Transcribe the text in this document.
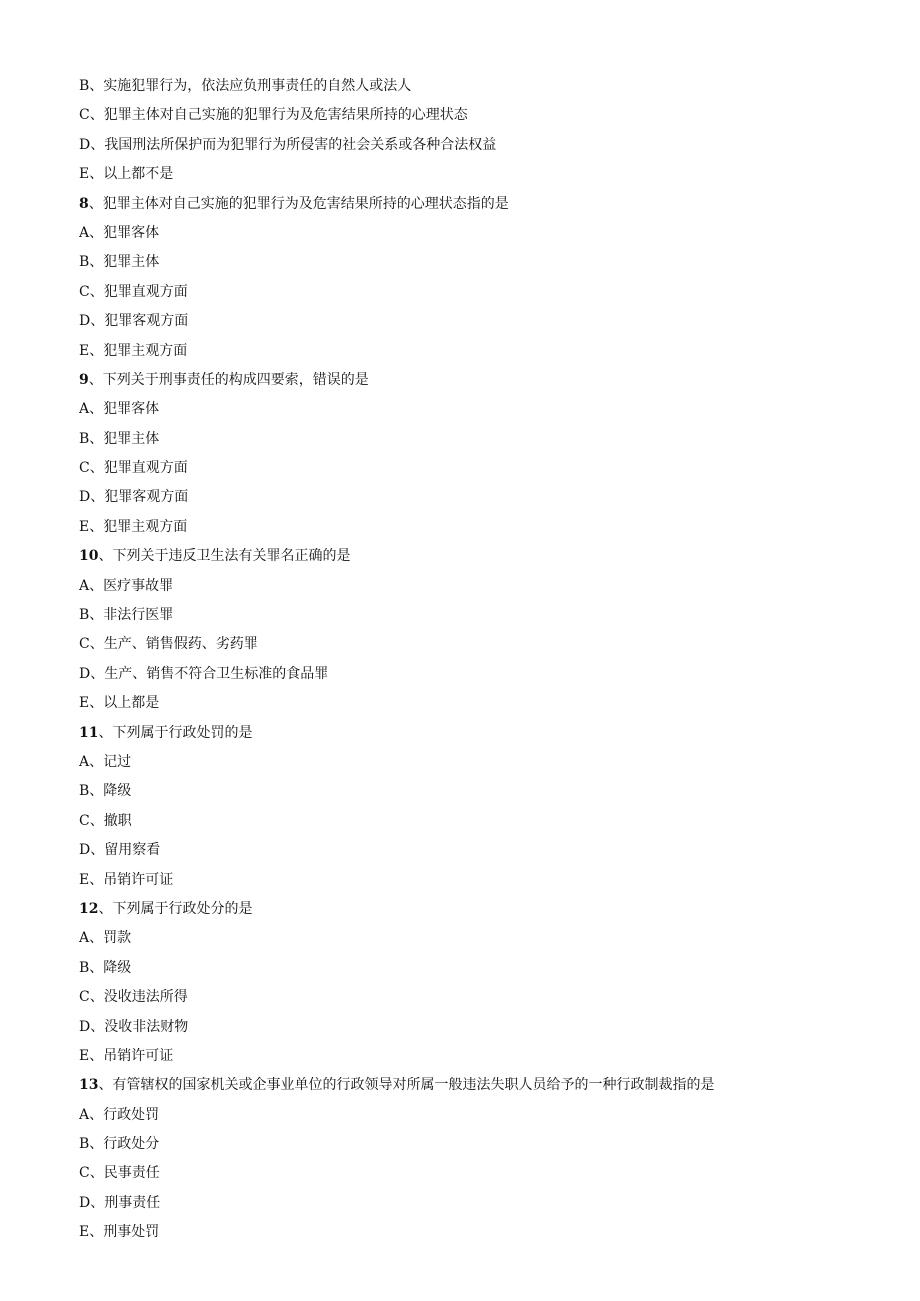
B、实施犯罪行为，依法应负刑事责任的自然人或法人
C、犯罪主体对自己实施的犯罪行为及危害结果所持的心理状态
D、我国刑法所保护而为犯罪行为所侵害的社会关系或各种合法权益
E、以上都不是
8、犯罪主体对自己实施的犯罪行为及危害结果所持的心理状态指的是
A、犯罪客体
B、犯罪主体
C、犯罪直观方面
D、犯罪客观方面
E、犯罪主观方面
9、下列关于刑事责任的构成四要索，错误的是
A、犯罪客体
B、犯罪主体
C、犯罪直观方面
D、犯罪客观方面
E、犯罪主观方面
10、下列关于违反卫生法有关罪名正确的是
A、医疗事故罪
B、非法行医罪
C、生产、销售假药、劣药罪
D、生产、销售不符合卫生标准的食品罪
E、以上都是
11、下列属于行政处罚的是
A、记过
B、降级
C、撤职
D、留用察看
E、吊销许可证
12、下列属于行政处分的是
A、罚款
B、降级
C、没收违法所得
D、没收非法财物
E、吊销许可证
13、有管辖权的国家机关或企事业单位的行政领导对所属一般违法失职人员给予的一种行政制裁指的是
A、行政处罚
B、行政处分
C、民事责任
D、刑事责任
E、刑事处罚
